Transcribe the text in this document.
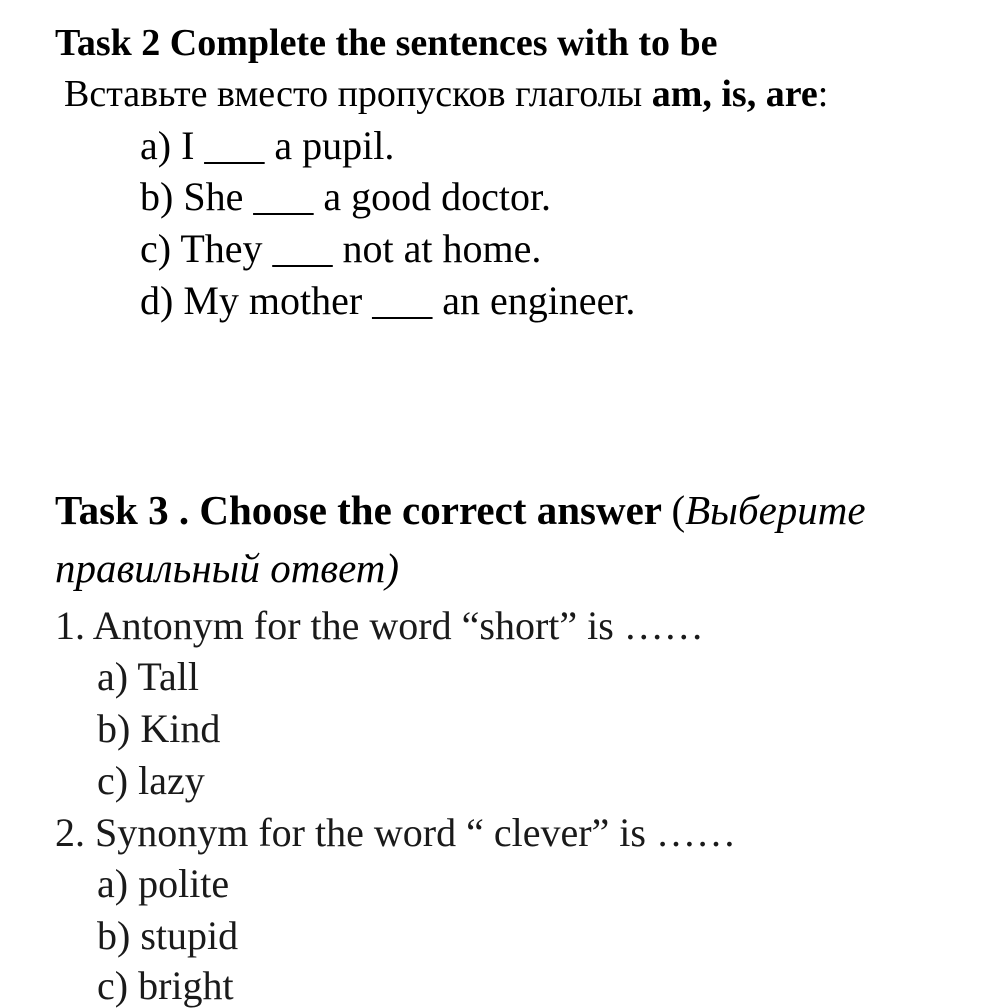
Task 2 Complete the sentences with to be
Вставьте вместо пропусков глаголы am, is, are:
a) I ___ a pupil.
b) She ___ a good doctor.
c) They ___ not at home.
d) My mother ___ an engineer.
Task 3 . Choose the correct answer (Выберите
правильный ответ)
1. Antonym for the word “short” is ……
a) Tall
b) Kind
c) lazy
2. Synonym for the word “ clever” is ……
a) polite
b) stupid
c) bright
